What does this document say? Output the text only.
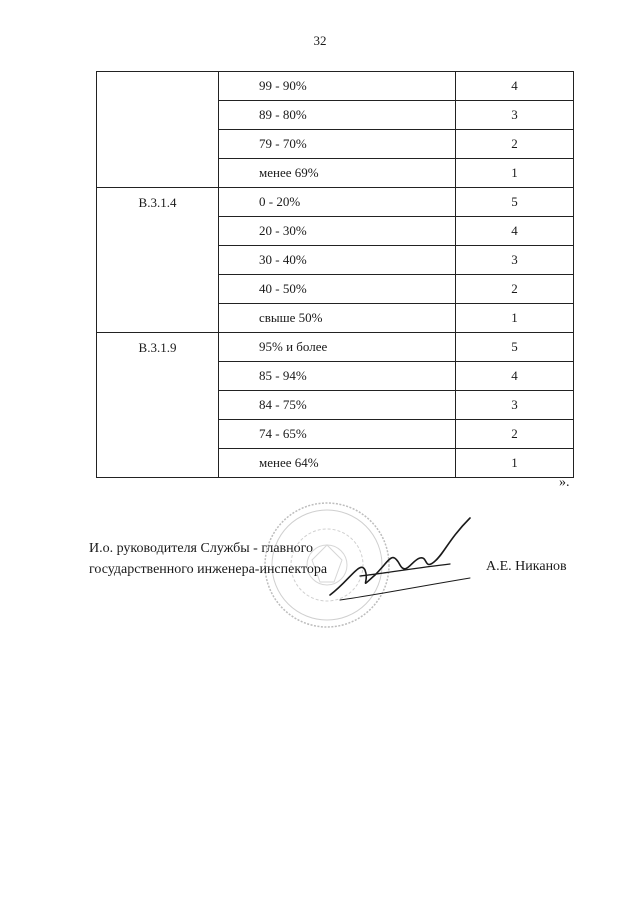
32
	99 - 90%	4
	89 - 80%	3
	79 - 70%	2
	менее 69%	1
B.3.1.4	0 - 20%	5
	20 - 30%	4
	30 - 40%	3
	40 - 50%	2
	свыше 50%	1
B.3.1.9	95% и более	5
	85 - 94%	4
	84 - 75%	3
	74 - 65%	2
	менее 64%	1
».
И.о. руководителя Службы - главного
государственного инженера-инспектора	А.Е. Никанов
